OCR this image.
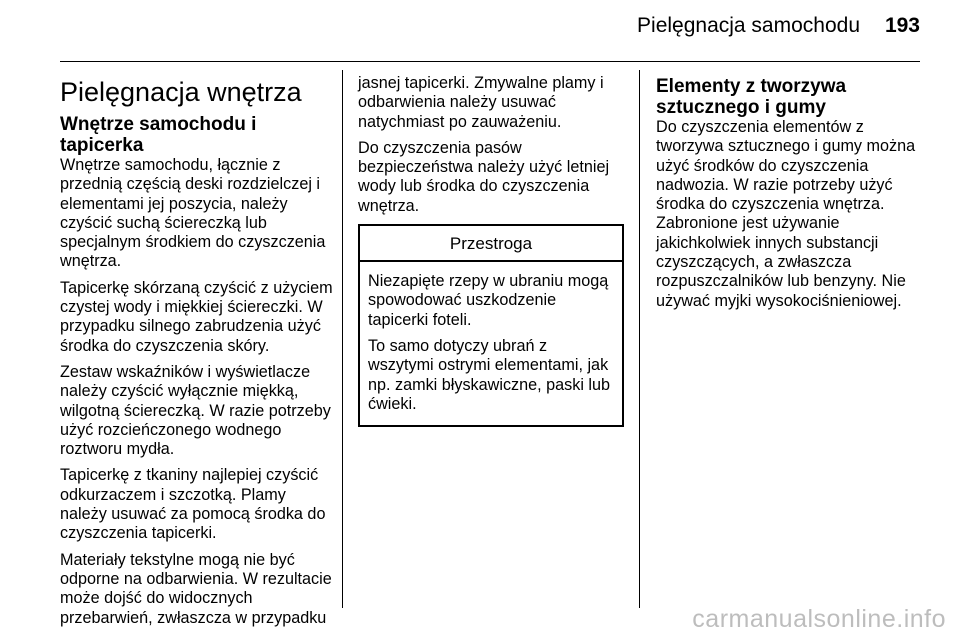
Pielęgnacja samochodu 193
Pielęgnacja wnętrza
Wnętrze samochodu i tapicerka

Wnętrze samochodu, łącznie z przednią częścią deski rozdzielczej i elementami jej poszycia, należy czyścić suchą ściereczką lub specjalnym środkiem do czyszczenia wnętrza.

Tapicerkę skórzaną czyścić z użyciem czystej wody i miękkiej ściereczki. W przypadku silnego zabrudzenia użyć środka do czyszczenia skóry.

Zestaw wskaźników i wyświetlacze należy czyścić wyłącznie miękką, wilgotną ściereczką. W razie potrzeby użyć rozcieńczonego wodnego roztworu mydła.

Tapicerkę z tkaniny najlepiej czyścić odkurzaczem i szczotką. Plamy należy usuwać za pomocą środka do czyszczenia tapicerki.

Materiały tekstylne mogą nie być odporne na odbarwienia. W rezultacie może dojść do widocznych przebarwień, zwłaszcza w przypadku

jasnej tapicerki. Zmywalne plamy i odbarwienia należy usuwać natychmiast po zauważeniu.

Do czyszczenia pasów bezpieczeństwa należy użyć letniej wody lub środka do czyszczenia wnętrza.

Przestroga

Niezapięte rzepy w ubraniu mogą spowodować uszkodzenie tapicerki foteli.

To samo dotyczy ubrań z wszytymi ostrymi elementami, jak np. zamki błyskawiczne, paski lub ćwieki.

Elementy z tworzywa sztucznego i gumy

Do czyszczenia elementów z tworzywa sztucznego i gumy można użyć środków do czyszczenia nadwozia. W razie potrzeby użyć środka do czyszczenia wnętrza. Zabronione jest używanie jakichkolwiek innych substancji czyszczących, a zwłaszcza rozpuszczalników lub benzyny. Nie używać myjki wysokociśnieniowej.

carmanualsonline.info
